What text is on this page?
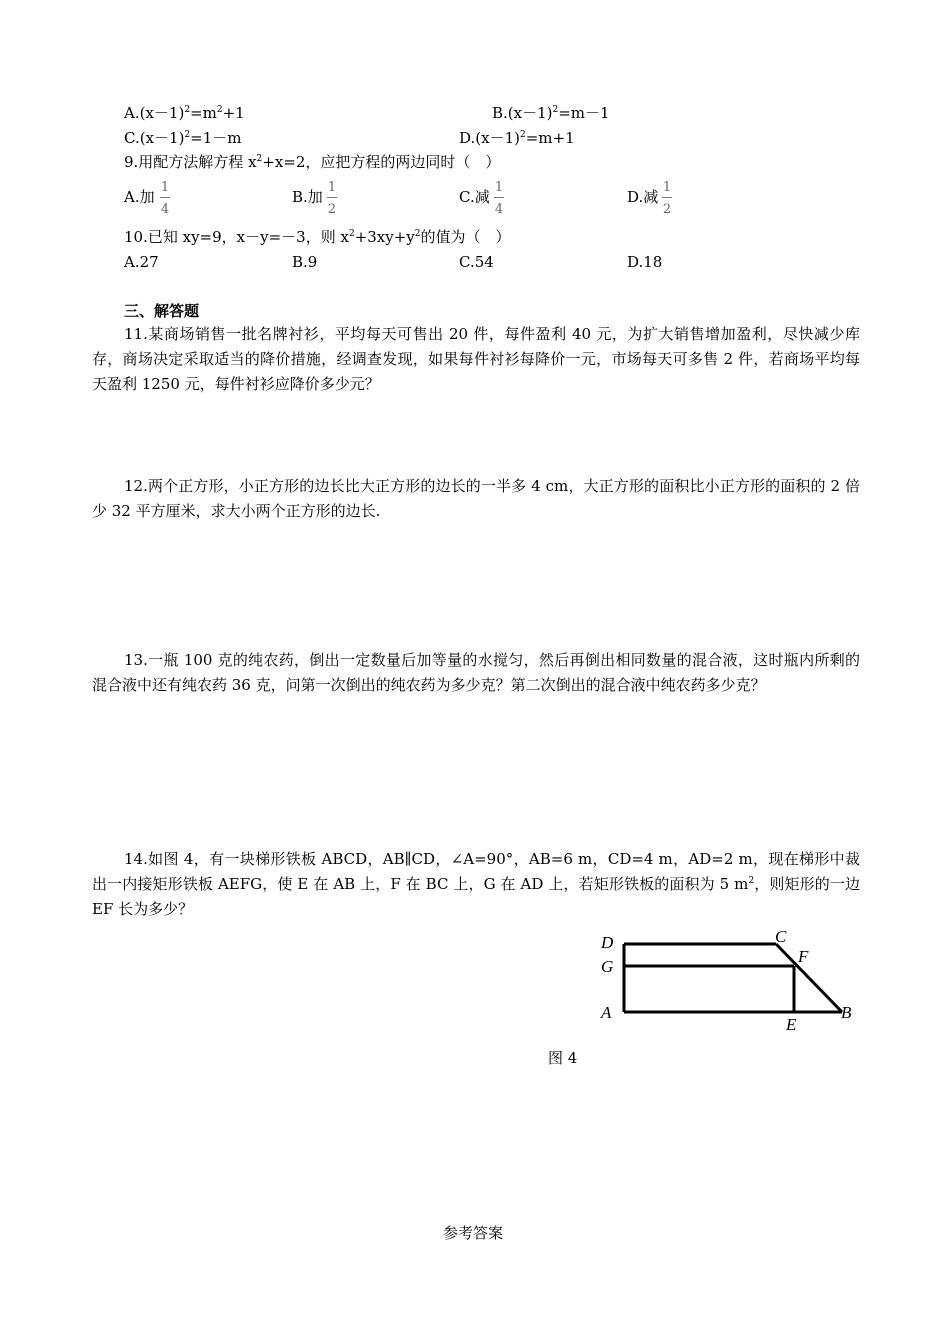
$A.(x-1)^2=m^2+1$	$B.(x-1)^2=m-1$
$C.(x-1)^2=1-m$	$D.(x-1)^2=m+1$
9.用配方法解方程 $x^2+x=2$，应把方程的两边同时（　）
A.加
1
4
B.加
1
2
C.减
1
4
D.减
1
2
10.已知 xy=9，x－y=－3，则 $x^2+3xy+y^2$的值为（　）
A.27	B.9	C.54	D.18
三、解答题
11.某商场销售一批名牌衬衫，平均每天可售出 20 件，每件盈利 40 元，为扩大销售增加盈利，尽快减少库存，商场决定采取适当的降价措施，经调查发现，如果每件衬衫每降价一元，市场每天可多售 2 件，若商场平均每天盈利 1250 元，每件衬衫应降价多少元？
12.两个正方形，小正方形的边长比大正方形的边长的一半多 4 cm，大正方形的面积比小正方形的面积的 2 倍少 32 平方厘米，求大小两个正方形的边长.
13.一瓶 100 克的纯农药，倒出一定数量后加等量的水搅匀，然后再倒出相同数量的混合液，这时瓶内所剩的混合液中还有纯农药 36 克，问第一次倒出的纯农药为多少克？第二次倒出的混合液中纯农药多少克？
14.如图 4，有一块梯形铁板 ABCD，AB∥CD，∠A=90°，AB=6 m，CD=4 m，AD=2 m，现在梯形中裁出一内接矩形铁板 AEFG，使 E 在 AB 上，F 在 BC 上，G 在 AD 上，若矩形铁板的面积为 5 $m^2$，则矩形的一边 EF 长为多少？
D
G
A
C
F
E
B
图 4
参考答案
